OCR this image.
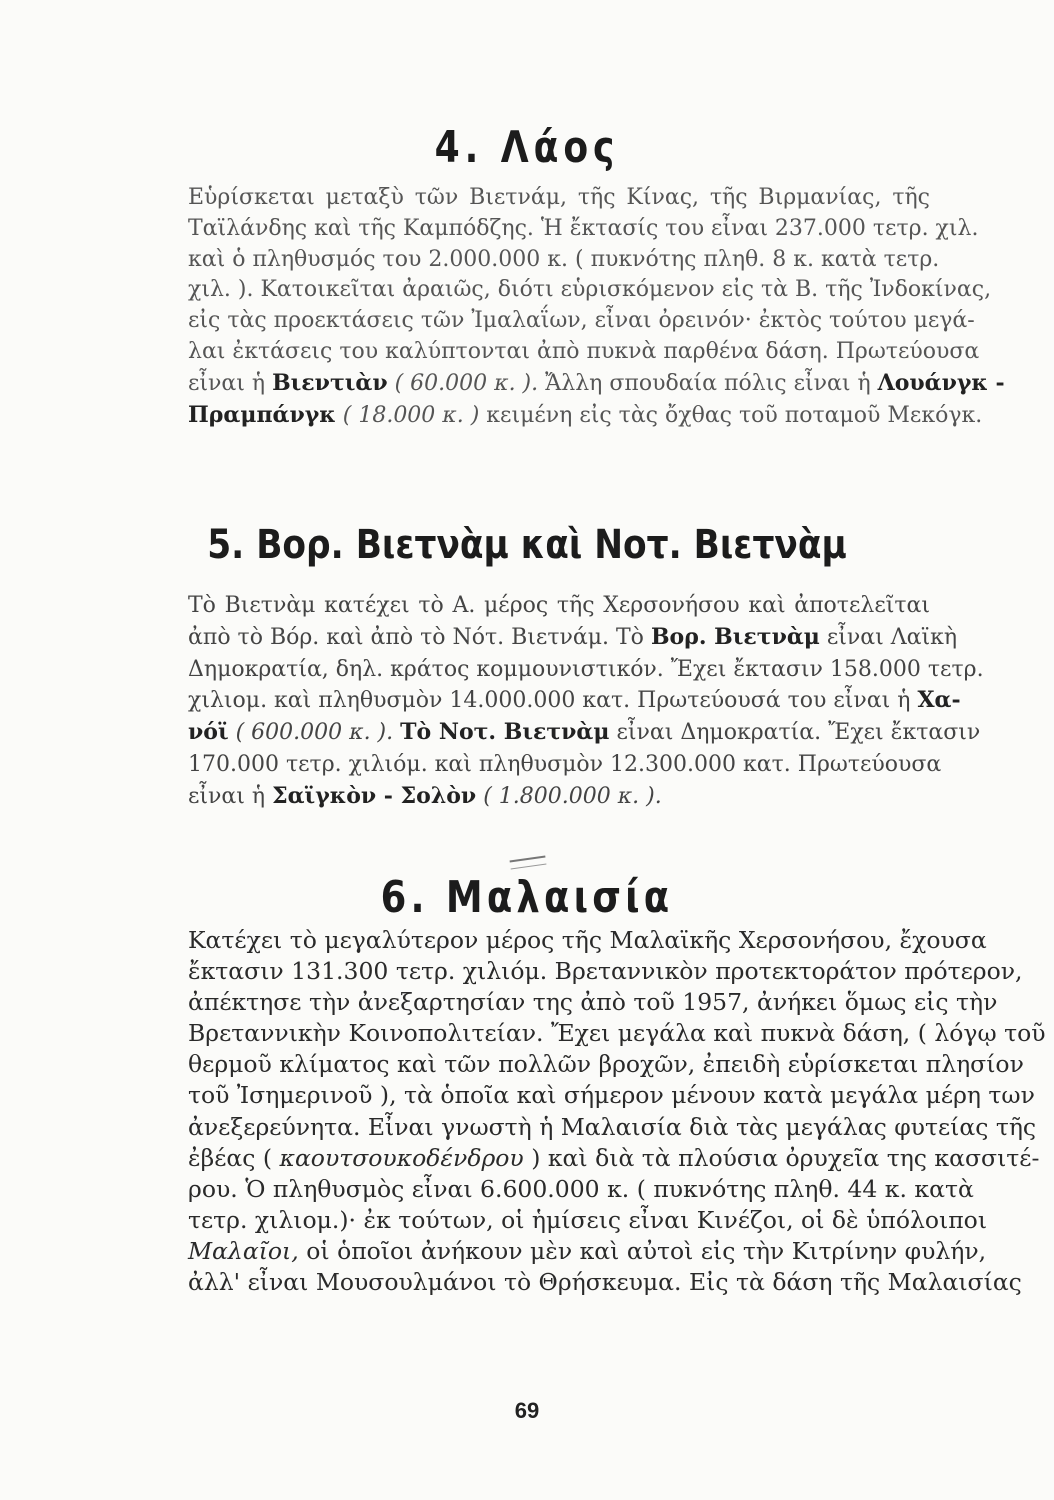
4. Λάος
Εὑρίσκεται μεταξὺ τῶν Βιετνάμ, τῆς Κίνας, τῆς Βιρμανίας, τῆς
Ταϊλάνδης καὶ τῆς Καμπόδζης. Ἡ ἔκτασίς του εἶναι 237.000 τετρ. χιλ.
καὶ ὁ πληθυσμός του 2.000.000 κ. ( πυκνότης πληθ. 8 κ. κατὰ τετρ.
χιλ. ). Κατοικεῖται ἀραιῶς, διότι εὑρισκόμενον εἰς τὰ Β. τῆς Ἰνδοκίνας,
εἰς τὰς προεκτάσεις τῶν Ἰμαλαΐων, εἶναι ὀρεινόν· ἐκτὸς τούτου μεγά-
λαι ἐκτάσεις του καλύπτονται ἀπὸ πυκνὰ παρθένα δάση. Πρωτεύουσα
εἶναι ἡ Βιεντιὰν ( 60.000 κ. ). Ἄλλη σπουδαία πόλις εἶναι ἡ Λουάνγκ -
Πραμπάνγκ ( 18.000 κ. ) κειμένη εἰς τὰς ὄχθας τοῦ ποταμοῦ Μεκόγκ.
5. Βορ. Βιετνὰμ καὶ Νοτ. Βιετνὰμ
Τὸ Βιετνὰμ κατέχει τὸ Α. μέρος τῆς Χερσονήσου καὶ ἀποτελεῖται
ἀπὸ τὸ Βόρ. καὶ ἀπὸ τὸ Νότ. Βιετνάμ. Τὸ Βορ. Βιετνὰμ εἶναι Λαϊκὴ
Δημοκρατία, δηλ. κράτος κομμουνιστικόν. Ἔχει ἔκτασιν 158.000 τετρ.
χιλιομ. καὶ πληθυσμὸν 14.000.000 κατ. Πρωτεύουσά του εἶναι ἡ Χα-
νόϊ ( 600.000 κ. ). Τὸ Νοτ. Βιετνὰμ εἶναι Δημοκρατία. Ἔχει ἔκτασιν
170.000 τετρ. χιλιόμ. καὶ πληθυσμὸν 12.300.000 κατ. Πρωτεύουσα
εἶναι ἡ Σαϊγκὸν - Σολὸν ( 1.800.000 κ. ).
6. Μαλαισία
Κατέχει τὸ μεγαλύτερον μέρος τῆς Μαλαϊκῆς Χερσονήσου, ἔχουσα
ἔκτασιν 131.300 τετρ. χιλιόμ. Βρεταννικὸν προτεκτοράτον πρότερον,
ἀπέκτησε τὴν ἀνεξαρτησίαν της ἀπὸ τοῦ 1957, ἀνήκει ὅμως εἰς τὴν
Βρεταννικὴν Κοινοπολιτείαν. Ἔχει μεγάλα καὶ πυκνὰ δάση, ( λόγῳ τοῦ
θερμοῦ κλίματος καὶ τῶν πολλῶν βροχῶν, ἐπειδὴ εὑρίσκεται πλησίον
τοῦ Ἰσημερινοῦ ), τὰ ὁποῖα καὶ σήμερον μένουν κατὰ μεγάλα μέρη των
ἀνεξερεύνητα. Εἶναι γνωστὴ ἡ Μαλαισία διὰ τὰς μεγάλας φυτείας τῆς
ἐβέας ( καουτσουκοδένδρου ) καὶ διὰ τὰ πλούσια ὀρυχεῖα της κασσιτέ-
ρου. Ὁ πληθυσμὸς εἶναι 6.600.000 κ. ( πυκνότης πληθ. 44 κ. κατὰ
τετρ. χιλιομ.)· ἐκ τούτων, οἱ ἡμίσεις εἶναι Κινέζοι, οἱ δὲ ὑπόλοιποι
Μαλαῖοι, οἱ ὁποῖοι ἀνήκουν μὲν καὶ αὐτοὶ εἰς τὴν Κιτρίνην φυλήν,
ἀλλ' εἶναι Μουσουλμάνοι τὸ Θρήσκευμα. Εἰς τὰ δάση τῆς Μαλαισίας
69
